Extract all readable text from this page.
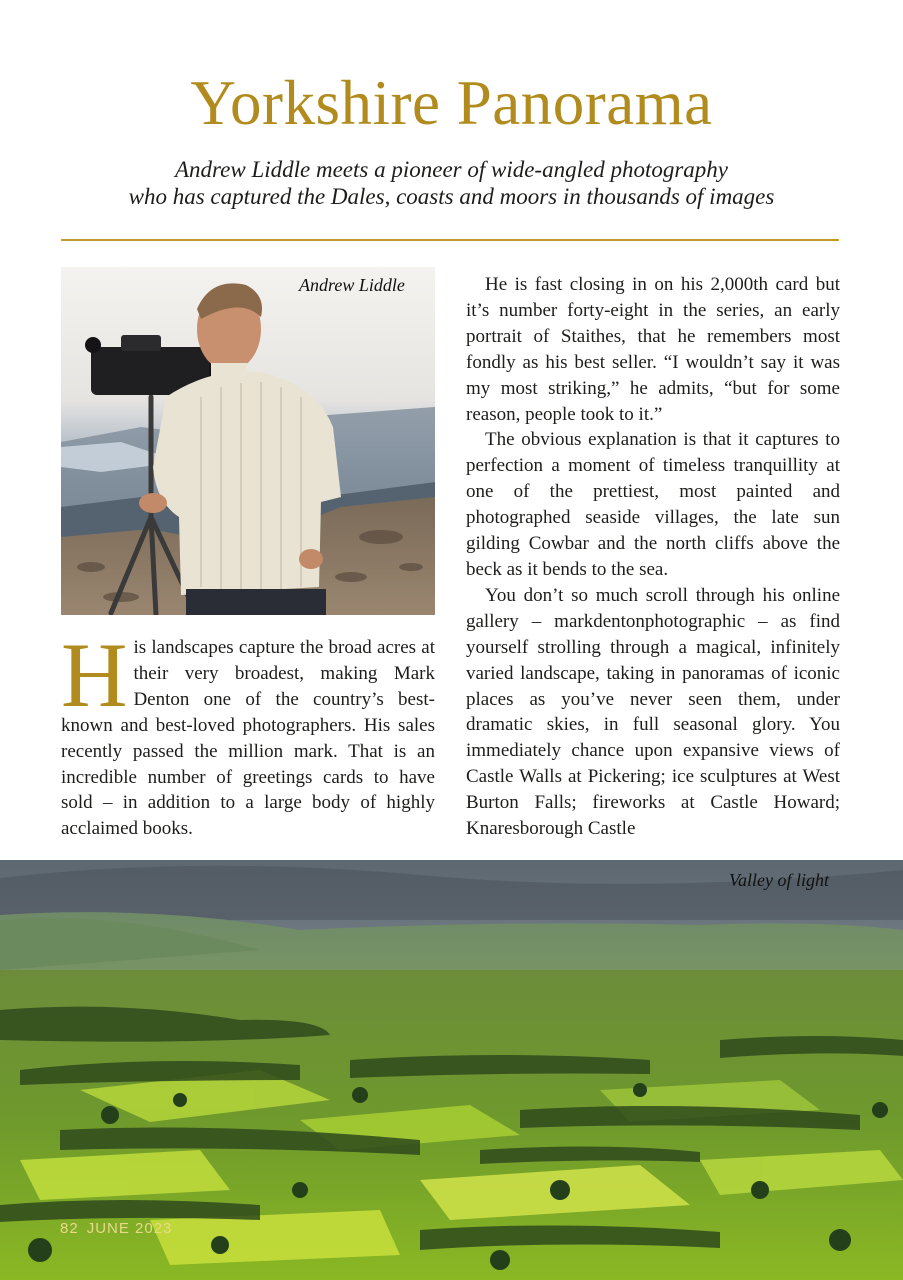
Yorkshire Panorama
Andrew Liddle meets a pioneer of wide-angled photography
who has captured the Dales, coasts and moors in thousands of images
Andrew Liddle

His landscapes capture the broad acres at their very broadest, making Mark Denton one of the country’s best-known and best-loved photographers. His sales recently passed the million mark. That is an incredible number of greetings cards to have sold – in addition to a large body of highly acclaimed books.

He is fast closing in on his 2,000th card but it’s number forty-eight in the series, an early portrait of Staithes, that he remembers most fondly as his best seller. “I wouldn’t say it was my most striking,” he admits, “but for some reason, people took to it.”

The obvious explanation is that it captures to perfection a moment of timeless tranquillity at one of the prettiest, most painted and photographed seaside villages, the late sun gilding Cowbar and the north cliffs above the beck as it bends to the sea.

You don’t so much scroll through his online gallery – markdentonphotographic – as find yourself strolling through a magical, infinitely varied landscape, taking in panoramas of iconic places as you’ve never seen them, under dramatic skies, in full seasonal glory. You immediately chance upon expansive views of Castle Walls at Pickering; ice sculptures at West Burton Falls; fireworks at Castle Howard; Knaresborough Castle

Valley of light
82 JUNE 2023
